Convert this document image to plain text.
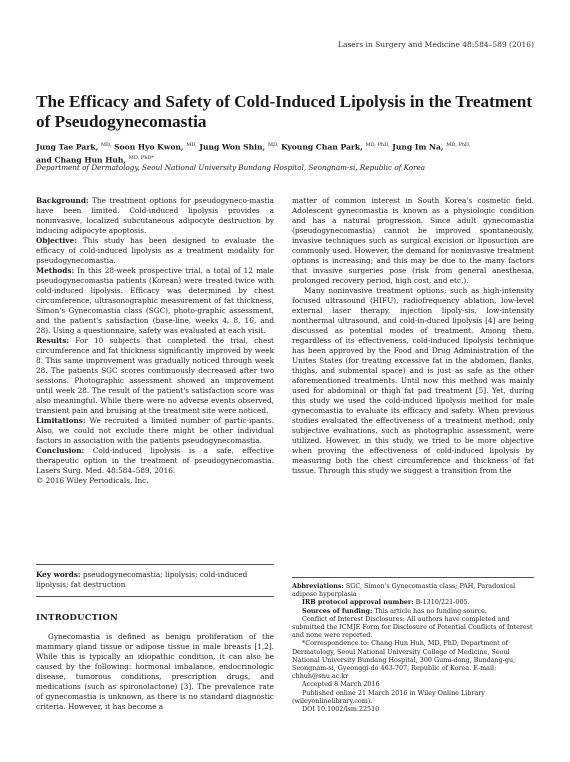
Lasers in Surgery and Medicine 48:584–589 (2016)
The Efficacy and Safety of Cold-Induced Lipolysis in the Treatment of Pseudogynecomastia
Jung Tae Park, $^{MD,}$ Soon Hyo Kwon, $^{MD,}$ Jung Won Shin, $^{MD,}$ Kyoung Chan Park, $^{MD, PhD,}$ Jung Im Na, $^{MD, PhD,}$
and Chang Hun Huh, $^{MD, PhD*}$
Department of Dermatology, Seoul National University Bundang Hospital, Seongnam-si, Republic of Korea

Background: The treatment options for pseudogyneco-mastia have been limited. Cold-induced lipolysis provides a noninvasive, localized subcutaneous adipocyte destruction by inducing adipocyte apoptosis.

Objective: This study has been designed to evaluate the efficacy of cold-induced lipolysis as a treatment modality for pseudogynecomastia.

Methods: In this 28-week prospective trial, a total of 12 male pseudogynecomastia patients (Korean) were treated twice with cold-induced lipolysis. Efficacy was determined by chest circumference, ultrasonographic measurement of fat thickness, Simon's Gynecomastia class (SGC), photo-graphic assessment, and the patient's satisfaction (base-line, weeks 4, 8, 16, and 28). Using a questionnaire, safety was evaluated at each visit.

Results: For 10 subjects that completed the trial, chest circumference and fat thickness significantly improved by week 8. This same improvement was gradually noticed through week 28. The patients SGC scores continuously decreased after two sessions. Photographic assessment showed an improvement until week 28. The result of the patient's satisfaction score was also meaningful. While there were no adverse events observed, transient pain and bruising at the treatment site were noticed.

Limitations: We recruited a limited number of partic-ipants. Also, we could not exclude there might be other individual factors in association with the patients pseudogynecomastia.

Conclusion: Cold-induced lipolysis is a safe, effective therapeutic option in the treatment of pseudogynecomastia. Lasers Surg. Med. 48:584–589, 2016.

© 2016 Wiley Periodicals, Inc.

Key words: pseudogynecomastia; lipolysis; cold-induced lipolysis; fat destruction
INTRODUCTION
Gynecomastia is defined as benign proliferation of the mammary gland tissue or adipose tissue in male breasts [1,2]. While this is typically an idiopathic condition, it can also be caused by the following: hormonal imbalance, endocrinologic disease, tumorous conditions, prescription drugs, and medications (such as spironolactone) [3]. The prevalence rate of gynecomastia is unknown, as there is no standard diagnostic criteria. However, it has become a

matter of common interest in South Korea's cosmetic field. Adolescent gynecomastia is known as a physiologic condition and has a natural progression. Since adult gynecomastia (pseudogynecomastia) cannot be improved spontaneously, invasive techniques such as surgical excision or liposuction are commonly used. However, the demand for noninvasive treatment options is increasing; and this may be due to the many factors that invasive surgeries pose (risk from general anesthesia, prolonged recovery period, high cost, and etc.).

Many noninvasive treatment options, such as high-intensity focused ultrasound (HIFU), radiofrequency ablation, low-level external laser therapy, injection lipoly-sis, low-intensity nonthermal ultrasound, and cold-in-duced lipolysis [4] are being discussed as potential modes of treatment. Among them, regardless of its effectiveness, cold-induced lipolysis technique has been approved by the Food and Drug Administration of the Unites States (for treating excessive fat in the abdomen, flanks, thighs, and submental space) and is just as safe as the other aforementioned treatments. Until now this method was mainly used for abdominal or thigh fat pad treatment [5]. Yet, during this study we used the cold-induced lipolysis method for male gynecomastia to evaluate its efficacy and safety. When previous studies evaluated the effectiveness of a treatment method, only subjective evaluations, such as photographic assessment, were utilized. However, in this study, we tried to be more objective when proving the effectiveness of cold-induced lipolysis by measuring both the chest circumference and thickness of fat tissue. Through this study we suggest a transition from the

Abbreviations: SGC, Simon's Gynecomastia class; PAH, Paradoxical adipose hyperplasia

IRB protocol approval number: B-1310/221-005.

Sources of funding: This article has no funding source.

Conflict of Interest Disclosures: All authors have completed and submitted the ICMJE Form for Disclosure of Potential Conflicts of Interest and none were reported.

*Correspondence to: Chang Hun Huh, MD, PhD, Department of Dermatology, Seoul National University College of Medicine, Seoul National University Bundang Hospital, 300 Gumi-dong, Bundang-gu, Seongnam-si, Gyeonggi-do 463-707, Republic of Korea. E-mail: chhuh@snu.ac.kr

Accepted 8 March 2016

Published online 21 March 2016 in Wiley Online Library (wileyonlinelibrary.com).

DOI 10.1002/lsm.22510
